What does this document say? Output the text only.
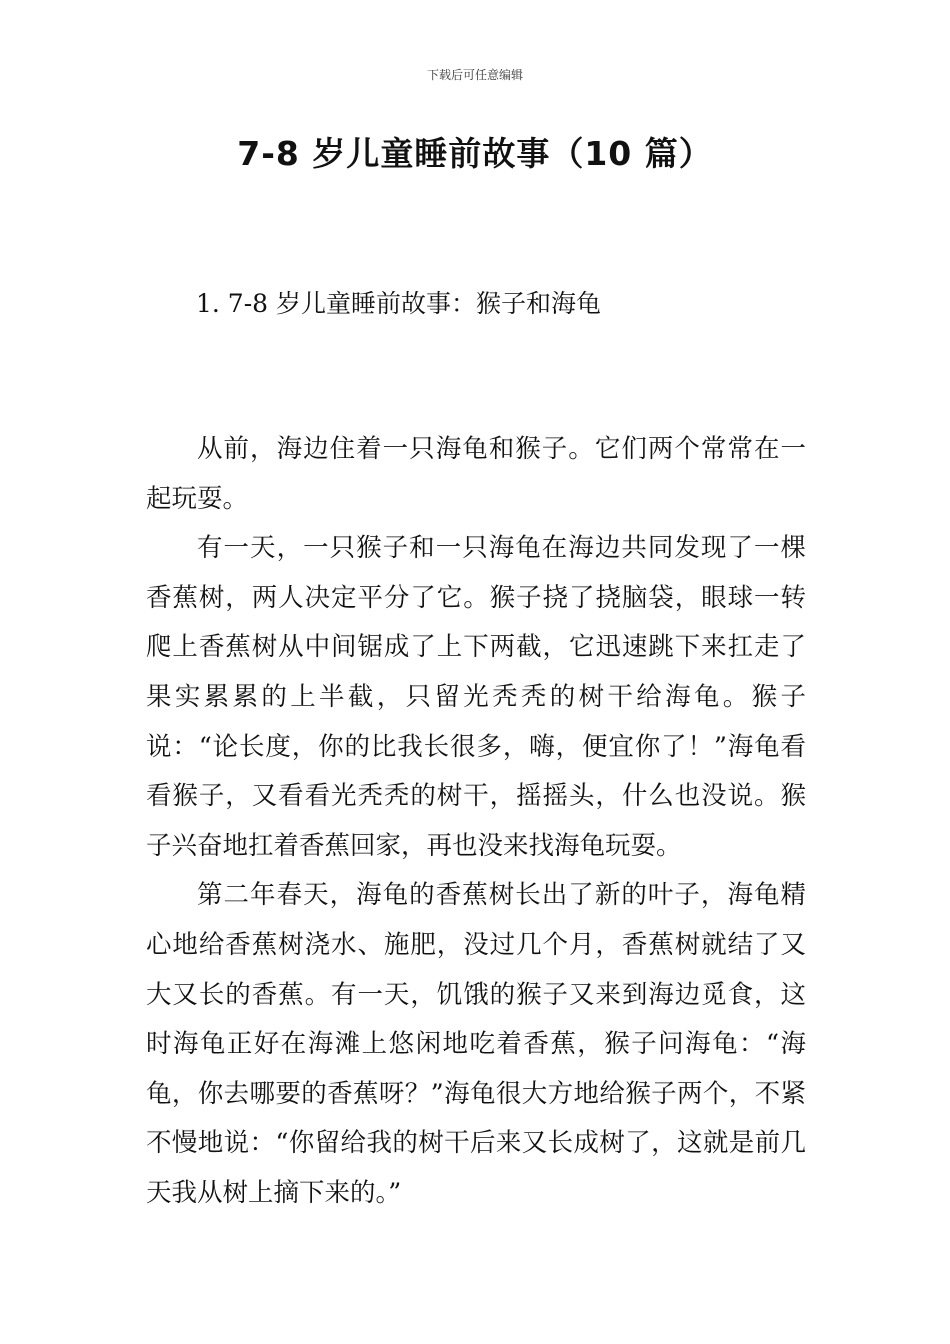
下载后可任意编辑
7-8 岁儿童睡前故事（10 篇）
1. 7-8 岁儿童睡前故事：猴子和海龟

从前，海边住着一只海龟和猴子。它们两个常常在一起玩耍。

有一天，一只猴子和一只海龟在海边共同发现了一棵香蕉树，两人决定平分了它。猴子挠了挠脑袋，眼球一转爬上香蕉树从中间锯成了上下两截，它迅速跳下来扛走了果实累累的上半截，只留光秃秃的树干给海龟。猴子说：“论长度，你的比我长很多，嗨，便宜你了！”海龟看看猴子，又看看光秃秃的树干，摇摇头，什么也没说。猴子兴奋地扛着香蕉回家，再也没来找海龟玩耍。

第二年春天，海龟的香蕉树长出了新的叶子，海龟精心地给香蕉树浇水、施肥，没过几个月，香蕉树就结了又大又长的香蕉。有一天，饥饿的猴子又来到海边觅食，这时海龟正好在海滩上悠闲地吃着香蕉，猴子问海龟：“海龟，你去哪要的香蕉呀？”海龟很大方地给猴子两个，不紧不慢地说：“你留给我的树干后来又长成树了，这就是前几天我从树上摘下来的。”
